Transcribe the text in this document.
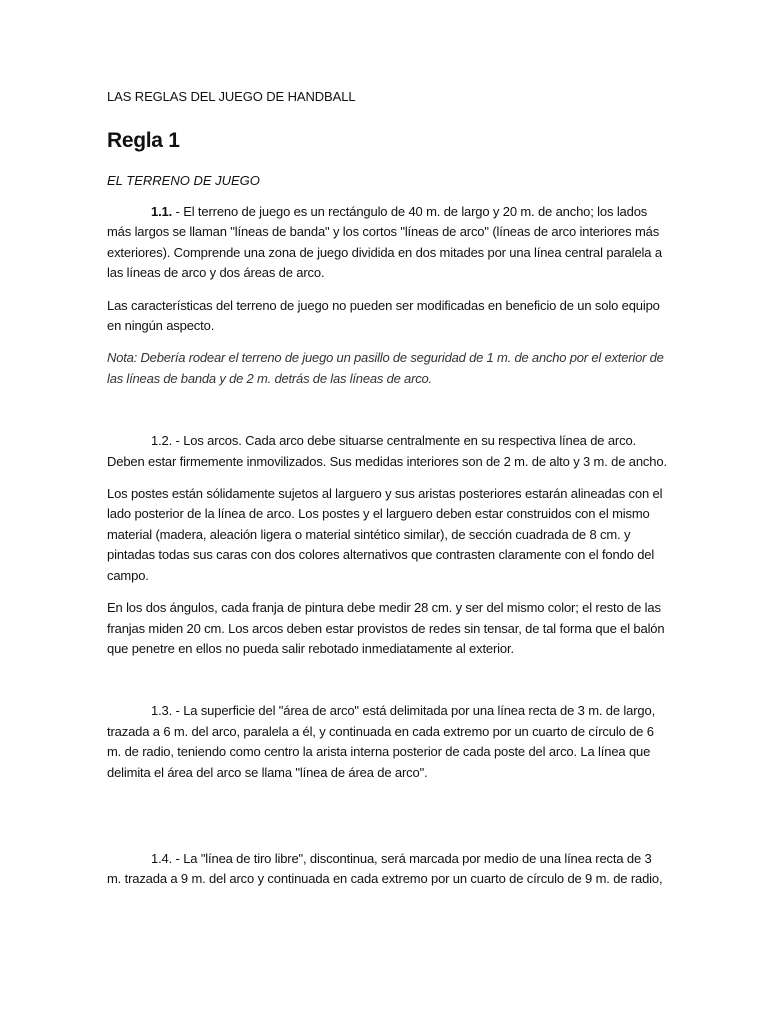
LAS REGLAS DEL JUEGO DE HANDBALL
Regla 1
EL TERRENO DE JUEGO

1.1. - El terreno de juego es un rectángulo de 40 m. de largo y 20 m. de ancho; los lados más largos se llaman "líneas de banda" y los cortos "líneas de arco" (líneas de arco interiores más exteriores). Comprende una zona de juego dividida en dos mitades por una línea central paralela a las líneas de arco y dos áreas de arco.

Las características del terreno de juego no pueden ser modificadas en beneficio de un solo equipo en ningún aspecto.

Nota: Debería rodear el terreno de juego un pasillo de seguridad de 1 m. de ancho por el exterior de las líneas de banda y de 2 m. detrás de las líneas de arco.

1.2. - Los arcos. Cada arco debe situarse centralmente en su respectiva línea de arco. Deben estar firmemente inmovilizados. Sus medidas interiores son de 2 m. de alto y 3 m. de ancho.

Los postes están sólidamente sujetos al larguero y sus aristas posteriores estarán alineadas con el lado posterior de la línea de arco. Los postes y el larguero deben estar construidos con el mismo material (madera, aleación ligera o material sintético similar), de sección cuadrada de 8 cm. y pintadas todas sus caras con dos colores alternativos que contrasten claramente con el fondo del campo.

En los dos ángulos, cada franja de pintura debe medir 28 cm. y ser del mismo color; el resto de las franjas miden 20 cm. Los arcos deben estar provistos de redes sin tensar, de tal forma que el balón que penetre en ellos no pueda salir rebotado inmediatamente al exterior.

1.3. - La superficie del "área de arco" está delimitada por una línea recta de 3 m. de largo, trazada a 6 m. del arco, paralela a él, y continuada en cada extremo por un cuarto de círculo de 6 m. de radio, teniendo como centro la arista interna posterior de cada poste del arco. La línea que delimita el área del arco se llama "línea de área de arco".

1.4. - La "línea de tiro libre", discontinua, será marcada por medio de una línea recta de 3 m. trazada a 9 m. del arco y continuada en cada extremo por un cuarto de círculo de 9 m. de radio,
